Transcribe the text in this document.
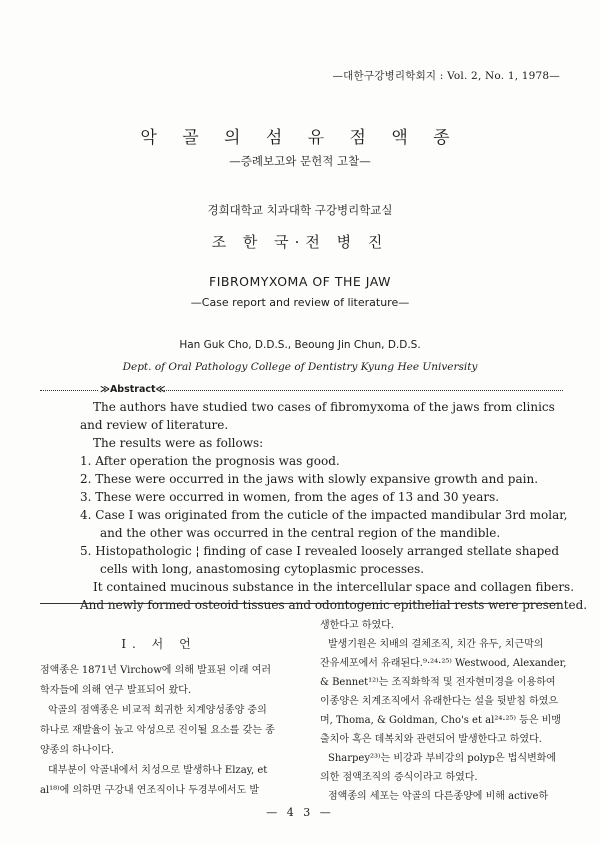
—대한구강병리학회지 : Vol. 2, No. 1, 1978—
악 골 의 섬 유 점 액 종
—증례보고와 문헌적 고찰—
경희대학교 치과대학 구강병리학교실
조 한 국·전 병 진
FIBROMYXOMA OF THE JAW
—Case report and review of literature—
Han Guk Cho, D.D.S., Beoung Jin Chun, D.D.S.
Dept. of Oral Pathology College of Dentistry Kyung Hee University
≫Abstract≪

The authors have studied two cases of fibromyxoma of the jaws from clinics

and review of literature.

The results were as follows:

1. After operation the prognosis was good.

2. These were occurred in the jaws with slowly expansive growth and pain.

3. These were occurred in women, from the ages of 13 and 30 years.

4. Case Ⅰ was originated from the cuticle of the impacted mandibular 3rd molar,

and the other was occurred in the central region of the mandible.

5. Histopathologic ¦ finding of case Ⅰ revealed loosely arranged stellate shaped

cells with long, anastomosing cytoplasmic processes.

It contained mucinous substance in the intercellular space and collagen fibers.

And newly formed osteoid tissues and odontogenic epithelial rests were presented.

Ⅰ. 서 언

점액종은 1871년 Virchow에 의해 발표된 이래 여러

학자들에 의해 연구 발표되어 왔다.

악골의 점액종은 비교적 희귀한 치계양성종양 중의

하나로 재발율이 높고 악성으로 진이될 요소를 갖는 종

양종의 하나이다.

대부분이 악골내에서 치성으로 발생하나 Elzay, et

al¹⁸⁾에 의하면 구강내 연조직이나 두경부에서도 발

생한다고 하였다.

발생기원은 치배의 결체조직, 치간 유두, 치근막의

잔유세포에서 유래된다.⁹·²⁴·²⁵⁾ Westwood, Alexander,

& Bennet¹²⁾는 조직화학적 및 전자현미경을 이용하여

이종양은 치계조직에서 유래한다는 설을 뒷받침 하였으

며, Thoma, & Goldman, Cho's et al²⁴·²⁵⁾ 등은 비맹

출치아 혹은 데복치와 관련되어 발생한다고 하였다.

Sharpey²³⁾는 비강과 부비강의 polyp은 법식변화에

의한 점액조직의 증식이라고 하였다.

점액종의 세포는 악골의 다른종양에 비해 active하

— 4 3 —
